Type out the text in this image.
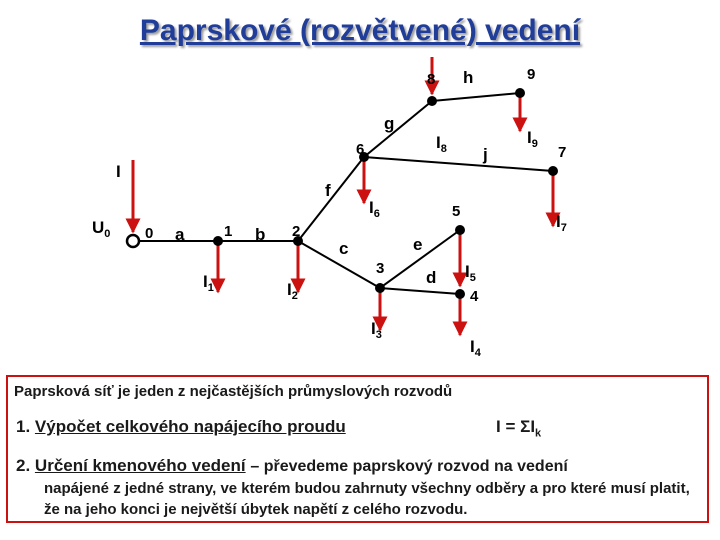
Paprskové (rozvětvené) vedení
0	1	2
3
4
5
6	7
8	9
a	b
c
d
e
f
g
h
j
$U_0$
I
$I_1$	$I_2$
$I_3$
$I_4$
$I_5$
$I_6$	$I_7$
$I_8$
$I_9$
Paprsková síť je jeden z nejčastějších průmyslových rozvodů
1. Výpočet celkového napájecího proudu	$I = \Sigma I_k$
2. Určení kmenového vedení – převedeme paprskový rozvod na vedení
napájené z jedné strany, ve kterém budou zahrnuty všechny odběry a pro které musí platit, že na jeho konci je největší úbytek napětí z celého rozvodu.
